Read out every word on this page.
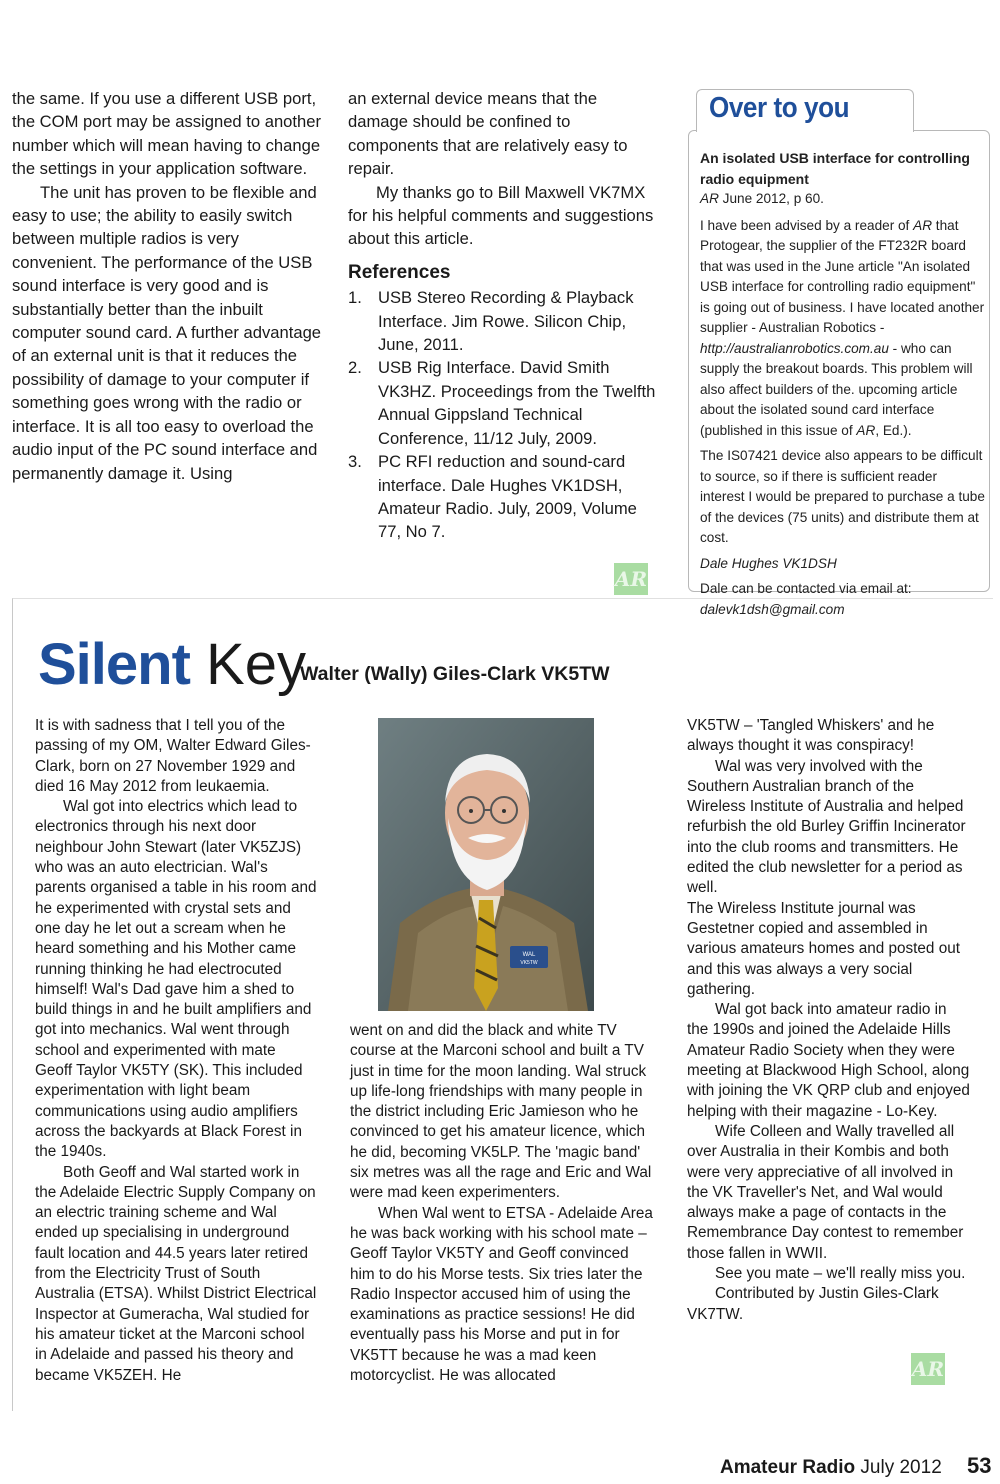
the same. If you use a different USB port, the COM port may be assigned to another number which will mean having to change the settings in your application software.

The unit has proven to be flexible and easy to use; the ability to easily switch between multiple radios is very convenient. The performance of the USB sound interface is very good and is substantially better than the inbuilt computer sound card. A further advantage of an external unit is that it reduces the possibility of damage to your computer if something goes wrong with the radio or interface. It is all too easy to overload the audio input of the PC sound interface and permanently damage it. Using

an external device means that the damage should be confined to components that are relatively easy to repair.

My thanks go to Bill Maxwell VK7MX for his helpful comments and suggestions about this article.

References
1. USB Stereo Recording & Playback Interface. Jim Rowe. Silicon Chip, June, 2011.
2. USB Rig Interface. David Smith VK3HZ. Proceedings from the Twelfth Annual Gippsland Technical Conference, 11/12 July, 2009.
3. PC RFI reduction and sound-card interface. Dale Hughes VK1DSH, Amateur Radio. July, 2009, Volume 77, No 7.
AR
Over to you

An isolated USB interface for controlling radio equipment

AR June 2012, p 60.

I have been advised by a reader of AR that Protogear, the supplier of the FT232R board that was used in the June article "An isolated USB interface for controlling radio equipment" is going out of business. I have located another supplier - Australian Robotics - http://australianrobotics.com.au - who can supply the breakout boards. This problem will also affect builders of the. upcoming article about the isolated sound card interface (published in this issue of AR, Ed.).

The IS07421 device also appears to be difficult to source, so if there is sufficient reader interest I would be prepared to purchase a tube of the devices (75 units) and distribute them at cost.

Dale Hughes VK1DSH

Dale can be contacted via email at:

dalevk1dsh@gmail.com

Silent Key
Walter (Wally) Giles-Clark VK5TW

It is with sadness that I tell you of the passing of my OM, Walter Edward Giles-Clark, born on 27 November 1929 and died 16 May 2012 from leukaemia.

Wal got into electrics which lead to electronics through his next door neighbour John Stewart (later VK5ZJS) who was an auto electrician. Wal's parents organised a table in his room and he experimented with crystal sets and one day he let out a scream when he heard something and his Mother came running thinking he had electrocuted himself! Wal's Dad gave him a shed to build things in and he built amplifiers and got into mechanics. Wal went through school and experimented with mate Geoff Taylor VK5TY (SK). This included experimentation with light beam communications using audio amplifiers across the backyards at Black Forest in the 1940s.

Both Geoff and Wal started work in the Adelaide Electric Supply Company on an electric training scheme and Wal ended up specialising in underground fault location and 44.5 years later retired from the Electricity Trust of South Australia (ETSA). Whilst District Electrical Inspector at Gumeracha, Wal studied for his amateur ticket at the Marconi school in Adelaide and passed his theory and became VK5ZEH. He

WAL
VK5TW

went on and did the black and white TV course at the Marconi school and built a TV just in time for the moon landing. Wal struck up life-long friendships with many people in the district including Eric Jamieson who he convinced to get his amateur licence, which he did, becoming VK5LP. The 'magic band' six metres was all the rage and Eric and Wal were mad keen experimenters.

When Wal went to ETSA - Adelaide Area he was back working with his school mate – Geoff Taylor VK5TY and Geoff convinced him to do his Morse tests. Six tries later the Radio Inspector accused him of using the examinations as practice sessions! He did eventually pass his Morse and put in for VK5TT because he was a mad keen motorcyclist. He was allocated

VK5TW – 'Tangled Whiskers' and he always thought it was conspiracy!

Wal was very involved with the Southern Australian branch of the Wireless Institute of Australia and helped refurbish the old Burley Griffin Incinerator into the club rooms and transmitters. He edited the club newsletter for a period as well.

The Wireless Institute journal was Gestetner copied and assembled in various amateurs homes and posted out and this was always a very social gathering.

Wal got back into amateur radio in the 1990s and joined the Adelaide Hills Amateur Radio Society when they were meeting at Blackwood High School, along with joining the VK QRP club and enjoyed helping with their magazine - Lo-Key.

Wife Colleen and Wally travelled all over Australia in their Kombis and both were very appreciative of all involved in the VK Traveller's Net, and Wal would always make a page of contacts in the Remembrance Day contest to remember those fallen in WWII.

See you mate – we'll really miss you.

Contributed by Justin Giles-Clark VK7TW.

AR
Amateur Radio July 2012 53
